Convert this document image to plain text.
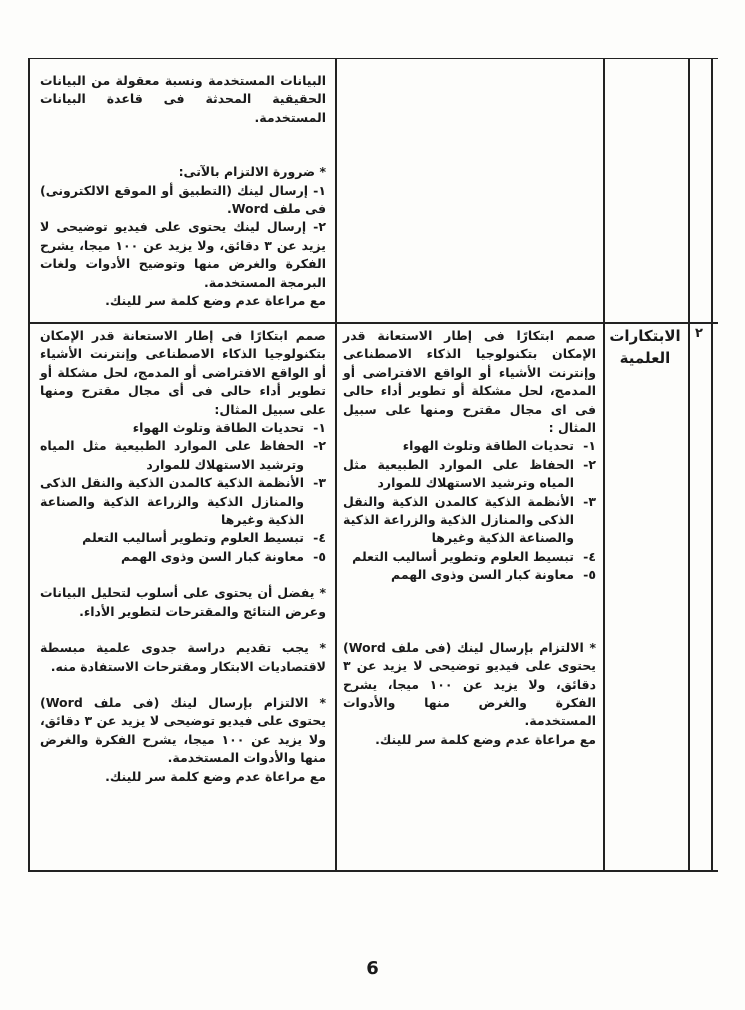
البيانات المستخدمة ونسبة معقولة من البيانات الحقيقية المحدثة فى قاعدة البيانات المستخدمة.

* ضرورة الالتزام بالآتى:

١- إرسال لينك (التطبيق أو الموقع الالكترونى) فى ملف Word.

٢- إرسال لينك يحتوى على فيديو توضيحى لا يزيد عن ٣ دقائق، ولا يزيد عن ١٠٠ ميجا، يشرح الفكرة والغرض منها وتوضيح الأدوات ولغات البرمجة المستخدمة.

مع مراعاة عدم وضع كلمة سر للينك.

٢
الابتكارات العلمية

صمم ابتكارًا فى إطار الاستعانة قدر الإمكان بتكنولوجيا الذكاء الاصطناعى وإنترنت الأشياء أو الواقع الافتراضى أو المدمج، لحل مشكلة أو تطوير أداء حالى فى اى مجال مقترح ومنها على سبيل المثال :

١-
تحديات الطاقة وتلوث الهواء
٢-
الحفاظ على الموارد الطبيعية مثل المياه وترشيد الاستهلاك للموارد
٣-
الأنظمة الذكية كالمدن الذكية والنقل الذكى والمنازل الذكية والزراعة الذكية والصناعة الذكية وغيرها
٤-
تبسيط العلوم وتطوير أساليب التعلم
٥-
معاونة كبار السن وذوى الهمم

* الالتزام بإرسال لينك (فى ملف Word) يحتوى على فيديو توضيحى لا يزيد عن ٣ دقائق، ولا يزيد عن ١٠٠ ميجا، يشرح الفكرة والغرض منها والأدوات المستخدمة.

مع مراعاة عدم وضع كلمة سر للينك.

صمم ابتكارًا فى إطار الاستعانة قدر الإمكان بتكنولوجيا الذكاء الاصطناعى وإنترنت الأشياء أو الواقع الافتراضى أو المدمج، لحل مشكلة أو تطوير أداء حالى فى أى مجال مقترح ومنها على سبيل المثال:

١-
تحديات الطاقة وتلوث الهواء
٢-
الحفاظ على الموارد الطبيعية مثل المياه وترشيد الاستهلاك للموارد
٣-
الأنظمة الذكية كالمدن الذكية والنقل الذكى والمنازل الذكية والزراعة الذكية والصناعة الذكية وغيرها
٤-
تبسيط العلوم وتطوير أساليب التعلم
٥-
معاونة كبار السن وذوى الهمم

* يفضل أن يحتوى على أسلوب لتحليل البيانات وعرض النتائج والمقترحات لتطوير الأداء.

* يجب تقديم دراسة جدوى علمية مبسطة لاقتصاديات الابتكار ومقترحات الاستفادة منه.

* الالتزام بإرسال لينك (فى ملف Word) يحتوى على فيديو توضيحى لا يزيد عن ٣ دقائق، ولا يزيد عن ١٠٠ ميجا، يشرح الفكرة والغرض منها والأدوات المستخدمة.

مع مراعاة عدم وضع كلمة سر للينك.

6
